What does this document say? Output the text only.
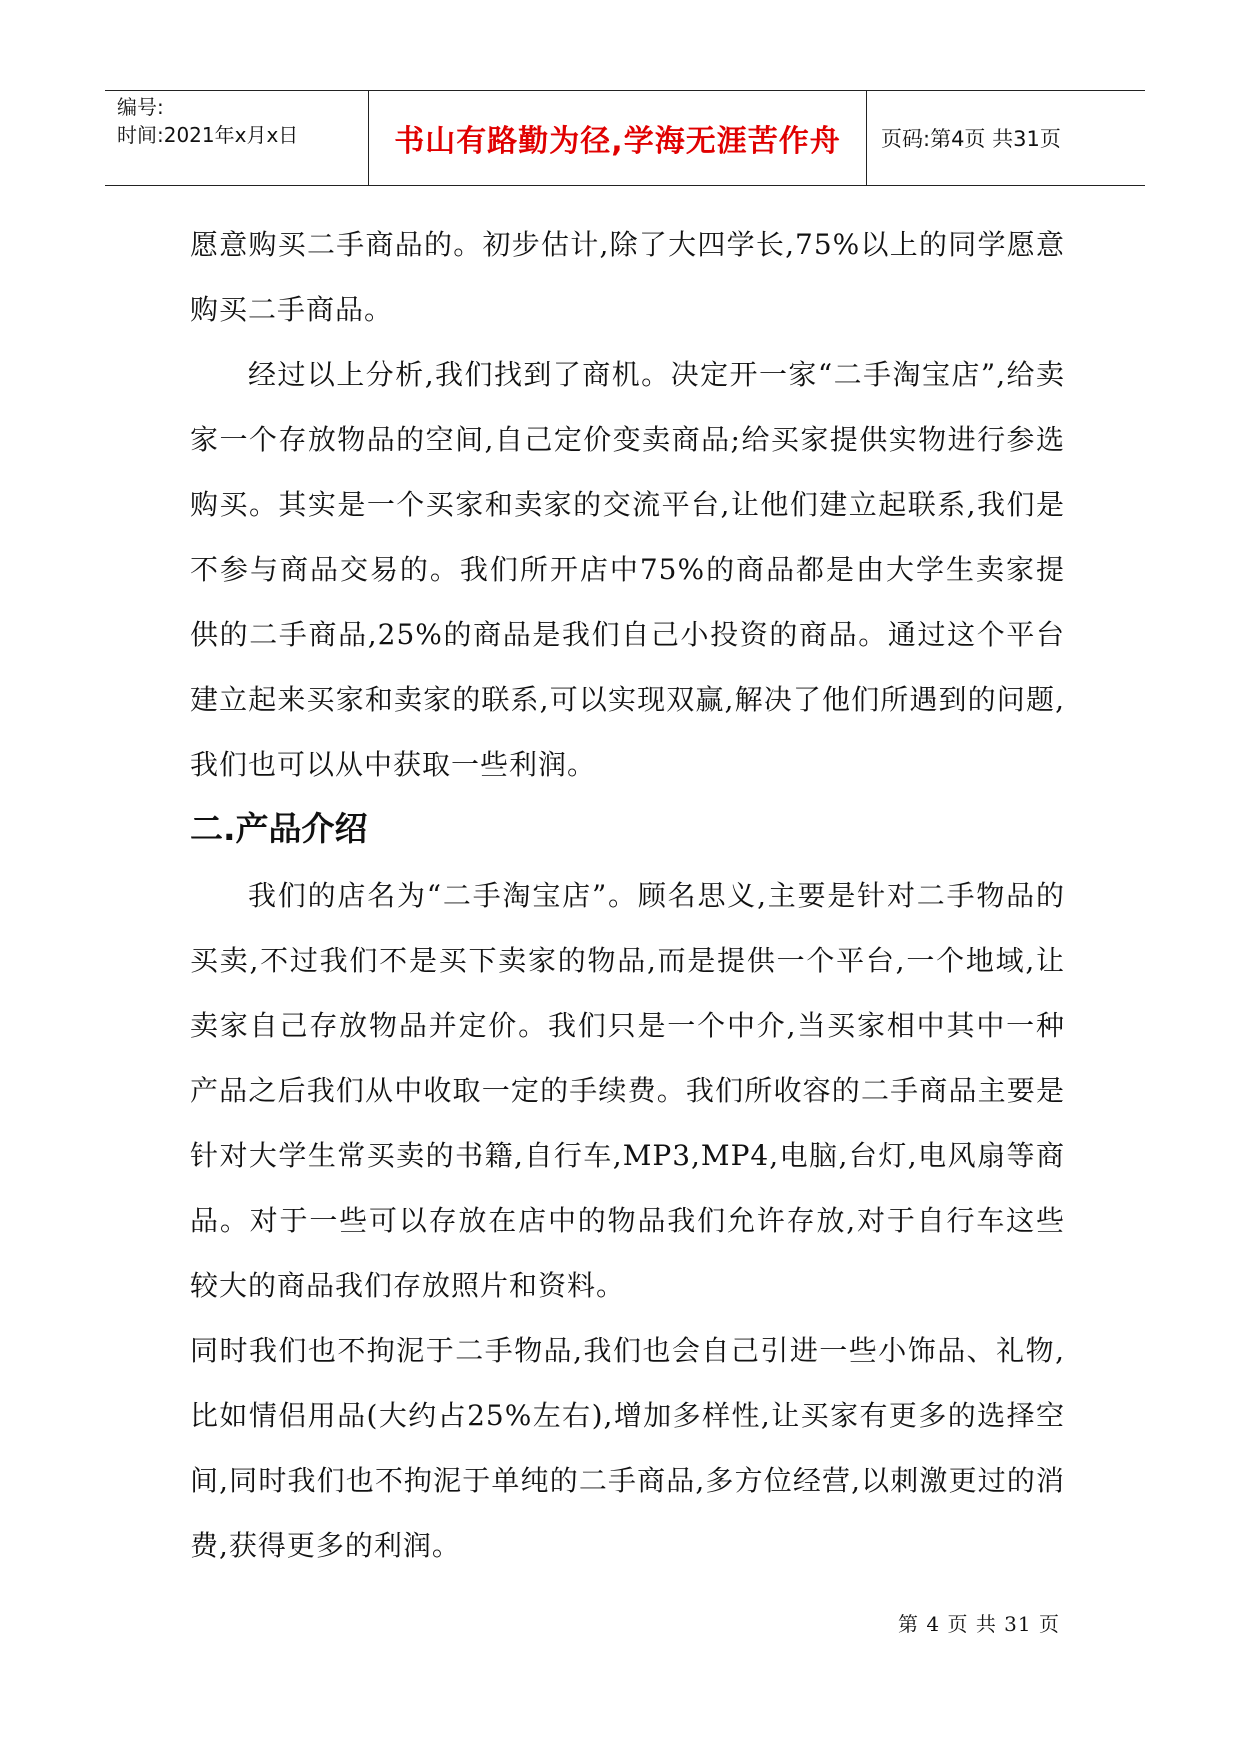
编号:
时间:2021年x月x日	书山有路勤为径,学海无涯苦作舟	页码:第4页 共31页

愿意购买二手商品的。初步估计,除了大四学长,75%以上的同学愿意购买二手商品。

经过以上分析,我们找到了商机。决定开一家“二手淘宝店”,给卖家一个存放物品的空间,自己定价变卖商品;给买家提供实物进行参选购买。其实是一个买家和卖家的交流平台,让他们建立起联系,我们是不参与商品交易的。我们所开店中75%的商品都是由大学生卖家提供的二手商品,25%的商品是我们自己小投资的商品。通过这个平台建立起来买家和卖家的联系,可以实现双赢,解决了他们所遇到的问题,我们也可以从中获取一些利润。

二.产品介绍

我们的店名为“二手淘宝店”。顾名思义,主要是针对二手物品的买卖,不过我们不是买下卖家的物品,而是提供一个平台,一个地域,让卖家自己存放物品并定价。我们只是一个中介,当买家相中其中一种产品之后我们从中收取一定的手续费。我们所收容的二手商品主要是针对大学生常买卖的书籍,自行车,MP3,MP4,电脑,台灯,电风扇等商品。对于一些可以存放在店中的物品我们允许存放,对于自行车这些较大的商品我们存放照片和资料。

同时我们也不拘泥于二手物品,我们也会自己引进一些小饰品、礼物,比如情侣用品(大约占25%左右),增加多样性,让买家有更多的选择空间,同时我们也不拘泥于单纯的二手商品,多方位经营,以刺激更过的消费,获得更多的利润。

第 4 页 共 31 页
